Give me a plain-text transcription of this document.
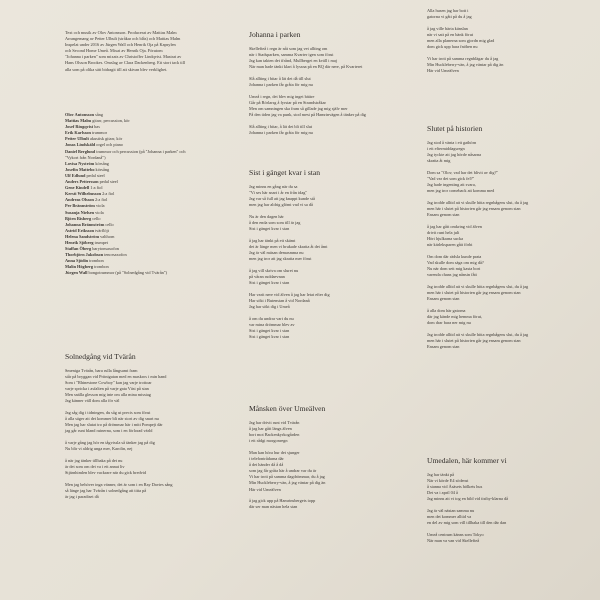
Text och musik av Olov Antonsson. Producerat av Mattias Malm

Arrangemang av Petter Ulbult (stråkar och blås) och Mattias Malm

Inspelat under 2016 av Jürgen Wall och Henrik Oja på Kapsylen

och Second Home Umeå. Mixat av Henrik Oja. Förutom

"Johanna i parken" som mixats av Christoffer Lindqvist. Mastrat av

Hans Olsson Brookes. Omslag av Clara Dackenberg. Ett stort tack till

alla som på olika sätt bidragit till att skivan blev verklighet.

Olov Antonsson sång
Mattias Malm gitarr, percussion, kör
Josef Ringqvist bas
Erik Karlsson trummor
Petter Ulbult akustisk gitarr, kör
Jonas Lindskäld orgel och piano
Daniel Berglund trummor och percussion (på "Johanna i parken" och
"Vykort från Nordanå")
Lovisa Nyström körsång
Josefin Mattebo körsång
Ulf Edlund pedal steel
Anders Pettersson pedal steel
Gene Kindell 1:a fiol
Kersti Wilhelmsson 2:a fiol
Andreas Olsson 2:a fiol
Per Brännström viola
Susanja Nielsen viola
Björn Risberg cello
Johanna Brännström cello
Astrid Eriksson tvärflöjt
Helena Sandström valthorn
Henrik Sjöberg trumpet
Staffan Öberg barytonsaxofon
Thorbjörn Jakobson tenorsaxofon
Anna Sjödin trombon
Malin Högberg trombon
Jürgen Wall bongotrummor (på "Solnedgång vid Tvärån")
Solnedgång vid Tvärån

Smeniga Tvärån, bara rulla långsamt fram
står på bryggan vid Pritnigatan med en maskros i min hand
Som i "Rhinestone Cowboy" kan jag varje trottoar
varje sprickа i asfalten på varje gata Väst på stan
Men snälla glesson mig inte om alla mina misstag
Jag känner väll dom alla för väl

Jag såg dig i tidningen, du såg ut precis som förut
å alla säger att det kommer bli när stort av dig snart nu
Men jag har slutat tro på drömmar här i mitt Pompeji där
jag går runt bland ruinerna, som i en förlorad värld

å varje gång jag hör en tågvissla så tänker jag på dig
Nu blir vi aldrig unga mer, Karolin, nej

å när jag tänker tillbaka på det nu
är det som om det va i ett annat liv
Stjärnhimlen blev vackrare när du gick bredvid

Men jag behöver inga vänner, det är som i en Ray Davies sång
så länge jag har Tvärån i solnedgång att titta på
är jag i paradiset då

Johanna i parken

Skellefteå i regn är nåt som jag vet allting om
när i Stadsparken, samma Kvarter igen som förut
Jag kan takten det ifrånd, Mullberget en kväll i maj
När man hade tänkt klart å lyssna på en BQ där nere, på Kvarteret

Slå allting i bitar å lät det då till slut
Johanna i parken får gråta för mig nu

Umeå i regn, det blev mig inget bättre
Går på Rörlarsg å fyrstar på en Strandstråkar
Men om samningen ska fram så gillade jag mig själv mer
På den tiden jag va punk, stod mest på Hamrinvägen å tänker på dig

Slå allting i bitar, å lät det bli till slut
Johanna i parken får gråta för mig nu

Sist i gänget kvar i stan

Jag minns en gång när du sa
"Vi ses här snart i år en från idag"
Jag var så full att jag knappt kunde stå
men jag har aldrig glömt vad vi sa då

Nu är den dagen här
å den enda som som till är jag
Sist i gänget kvar i stan

å jag har tänkt på ett skämt
det är länge men vi brukade skratta åt det åmt
Jag är väl mäsan demasmma nu
men jag tror att jag skratta mer förut

å jag vill skriva om sluret nu
på våran ruddaevnan
Sist i gänget kvar i stan

Har varit nere vid älven å jag har letat efter dig
Har sökt i Butenstan å vid Nordanå
Jag har sökt dig i Umeå

å om du undrar vart du nu
var mina drömmar blev av
Sist i gänget kvar i stan
Sist i gänget kvar i stan

Månsken över Umeälven

Jag har drivit runt vid Tvärån
å jag har gått längs älven
bort mot Backenkyrkogården
i ett rådgi morgonregn

Man kan höra hur det sjunger
i telefontrådarna där
å det händer då å då
som jag får gråta här å undrar var du är
Vi har trott på samma dagdrömmar, du å jag
Min Huckleberry-vän, å jag väntar på dig än
Här vid Umeälven

å jag gick upp på Hamrinsbergets topp
där ser man nästan hela stan

Alla husen jag har bott i
gatorna vi gått på du å jag

å jag ville bärta känslan
när vi satt på en bänk förut
men alla planerna som gjordn mig glad
dom gick upp hara fnöhen nu

Vi har trott på samma regnblägar du å jag
Min Huckleberry-vän, å jag väntar på dig än
Här vid Umeälven

Slutet på historien

Jag stod å vänta i ett gathörn
i ett eftermiddagsregn
Jag tyckte att jag hörde nåsarna
skratta åt mig

Dom sa "Olov, vad har det blivit av dig?"
"Vad var det som gick fel?"
Jag hade ingenting att svara,
men jag tror comeback att komma med

Jag trodde alltid att vi skulle hitta regnbågens slut, du å jag
men här i slutet på historien går jag ensam genom stan
Ensam genom stan

å jag har gått omkring vid älven
drivit runt hela juli
Hört hjulkarna sucka
när kärleksparen gått förbi

Om dom där rädsla kunde prata
Vad skulle dom säga om mig då?
Nu när dom sett mig kasta bort
varenda chans jag nånsin fått

Jag trodde alltid att vi skulle hitta regnbågens slut, du å jag
men här i slutet på historien går jag ensam genom stan
Ensam genom stan

å alla dom här gatorna
där jag kände mig hemma förut,
dom drar bara ner mig nu

Jag trodde alltid att vi skulle hitta regnbågens slut, du å jag
men här i slutet på historien går jag ensam genom stan
Ensam genom stan

Umedalen, här kommer vi

Jag har tänkt på
När vi körde E4 söderut
å stanna vid Åsäsets hölkets hus
Det va i april 04 å
Jag minns att vi tog en bild vid tistby-klarna då

Jag är väl nästan samma nu
men det kommer alltid va
en del av mig som vill tillbaka till den där dan

Umeå centrum känns som Tokyo
När man va van vid Skellefteå
